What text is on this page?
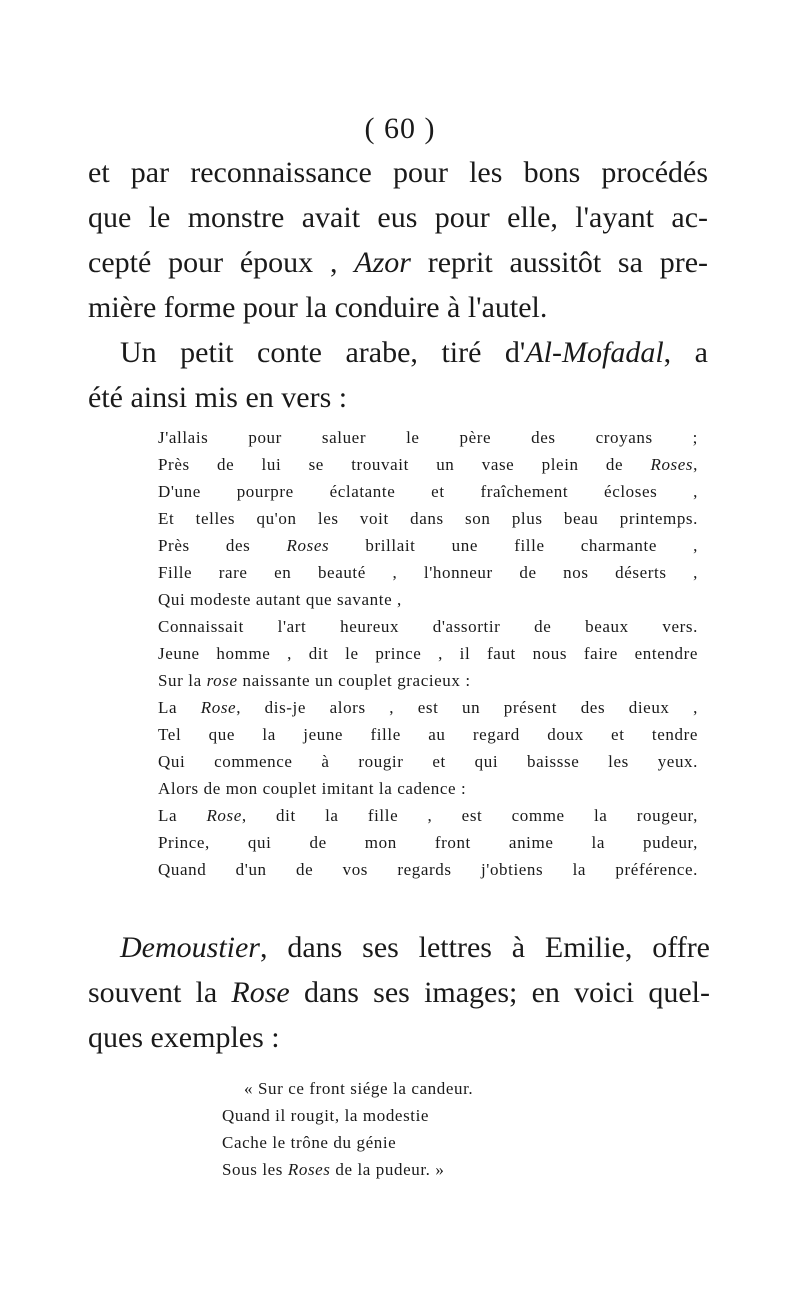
( 60 )
et par reconnaissance pour les bons procédés
que le monstre avait eus pour elle, l'ayant ac-
cepté pour époux , Azor reprit aussitôt sa pre-
mière forme pour la conduire à l'autel.
Un petit conte arabe, tiré d'Al-Mofadal, a
été ainsi mis en vers :
J'allais pour saluer le père des croyans ;
Près de lui se trouvait un vase plein de Roses,
D'une pourpre éclatante et fraîchement écloses ,
Et telles qu'on les voit dans son plus beau printemps.
Près des Roses brillait une fille charmante ,
Fille rare en beauté , l'honneur de nos déserts ,
Qui modeste autant que savante ,
Connaissait l'art heureux d'assortir de beaux vers.
Jeune homme , dit le prince , il faut nous faire entendre
Sur la rose naissante un couplet gracieux :
La Rose, dis-je alors , est un présent des dieux ,
Tel que la jeune fille au regard doux et tendre
Qui commence à rougir et qui baissse les yeux.
Alors de mon couplet imitant la cadence :
La Rose, dit la fille , est comme la rougeur,
Prince, qui de mon front anime la pudeur,
Quand d'un de vos regards j'obtiens la préférence.
Demoustier, dans ses lettres à Emilie, offre
souvent la Rose dans ses images; en voici quel-
ques exemples :
« Sur ce front siége la candeur.
Quand il rougit, la modestie
Cache le trône du génie
Sous les Roses de la pudeur. »
